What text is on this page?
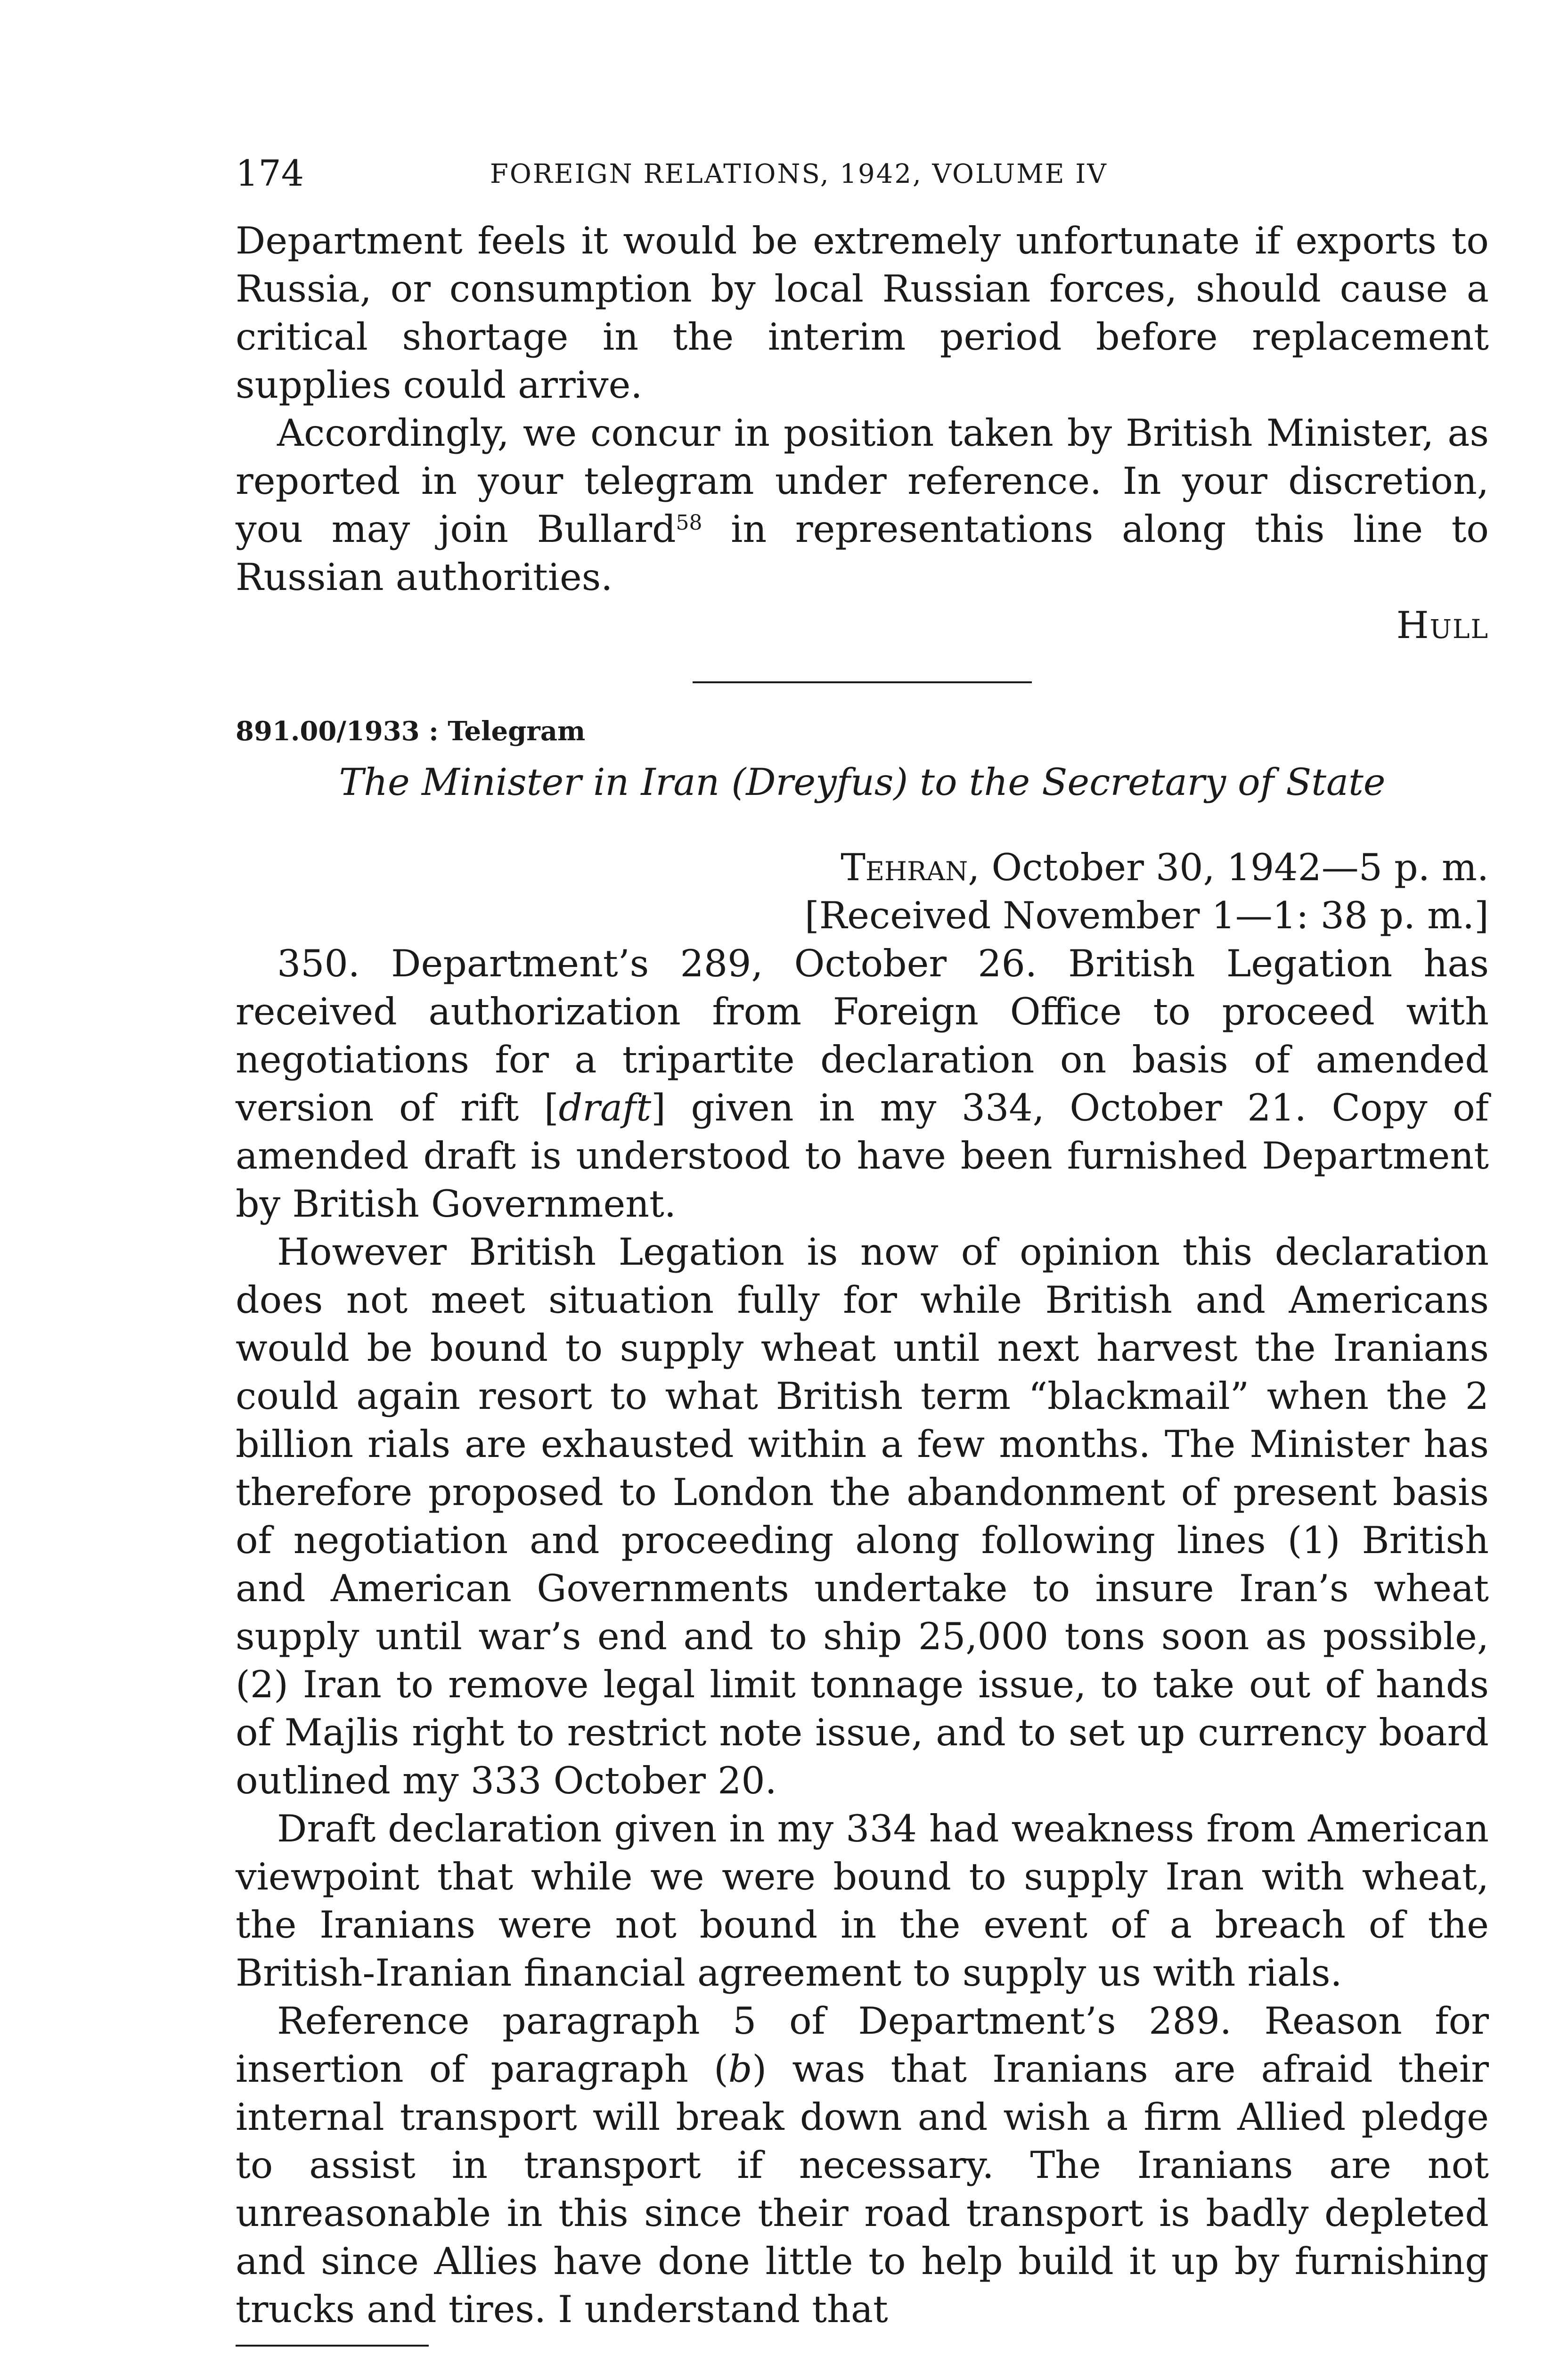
174	FOREIGN RELATIONS, 1942, VOLUME IV

Department feels it would be extremely unfortunate if exports to Russia, or consumption by local Russian forces, should cause a critical shortage in the interim period before replacement supplies could arrive.

Accordingly, we concur in position taken by British Minister, as reported in your telegram under reference. In your discretion, you may join Bullard$^{58}$ in representations along this line to Russian authorities.

Hull

891.00/1933 : Telegram

The Minister in Iran (Dreyfus) to the Secretary of State

Tehran, October 30, 1942—5 p. m.

[Received November 1—1: 38 p. m.]

350. Department’s 289, October 26. British Legation has received authorization from Foreign Office to proceed with negotiations for a tripartite declaration on basis of amended version of rift [draft] given in my 334, October 21. Copy of amended draft is understood to have been furnished Department by British Government.

However British Legation is now of opinion this declaration does not meet situation fully for while British and Americans would be bound to supply wheat until next harvest the Iranians could again resort to what British term “blackmail” when the 2 billion rials are exhausted within a few months. The Minister has therefore proposed to London the abandonment of present basis of negotiation and proceeding along following lines (1) British and American Governments undertake to insure Iran’s wheat supply until war’s end and to ship 25,000 tons soon as possible, (2) Iran to remove legal limit tonnage issue, to take out of hands of Majlis right to restrict note issue, and to set up currency board outlined my 333 October 20.

Draft declaration given in my 334 had weakness from American viewpoint that while we were bound to supply Iran with wheat, the Iranians were not bound in the event of a breach of the British-Iranian financial agreement to supply us with rials.

Reference paragraph 5 of Department’s 289. Reason for insertion of paragraph (b) was that Iranians are afraid their internal transport will break down and wish a firm Allied pledge to assist in transport if necessary. The Iranians are not unreasonable in this since their road transport is badly depleted and since Allies have done little to help build it up by furnishing trucks and tires. I understand that
